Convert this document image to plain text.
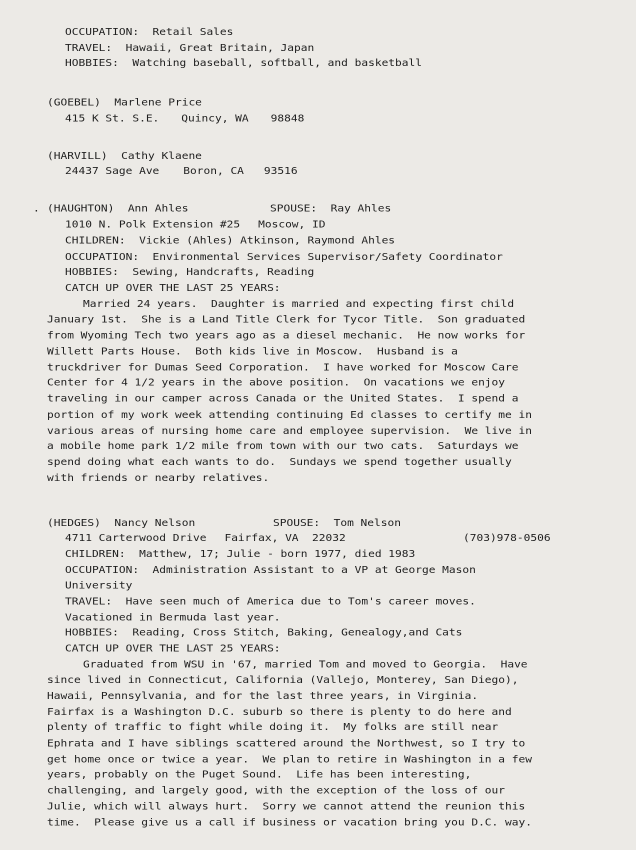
OCCUPATION:  Retail Sales
TRAVEL:  Hawaii, Great Britain, Japan
HOBBIES:  Watching baseball, softball, and basketball
(GOEBEL)  Marlene Price
415 K St. S.E. Quincy, WA 98848
(HARVILL)  Cathy Klaene
24437 Sage Ave Boron, CA 93516
. (HAUGHTON)  Ann Ahles	SPOUSE:  Ray Ahles
1010 N. Polk Extension #25 Moscow, ID
CHILDREN:  Vickie (Ahles) Atkinson, Raymond Ahles
OCCUPATION:  Environmental Services Supervisor/Safety Coordinator
HOBBIES:  Sewing, Handcrafts, Reading
CATCH UP OVER THE LAST 25 YEARS:
Married 24 years.  Daughter is married and expecting first child
January 1st.  She is a Land Title Clerk for Tycor Title.  Son graduated
from Wyoming Tech two years ago as a diesel mechanic.  He now works for
Willett Parts House.  Both kids live in Moscow.  Husband is a
truckdriver for Dumas Seed Corporation.  I have worked for Moscow Care
Center for 4 1/2 years in the above position.  On vacations we enjoy
traveling in our camper across Canada or the United States.  I spend a
portion of my work week attending continuing Ed classes to certify me in
various areas of nursing home care and employee supervision.  We live in
a mobile home park 1/2 mile from town with our two cats.  Saturdays we
spend doing what each wants to do.  Sundays we spend together usually
with friends or nearby relatives.
(HEDGES)  Nancy Nelson	SPOUSE:  Tom Nelson
4711 Carterwood Drive Fairfax, VA  22032	(703)978-0506
CHILDREN:  Matthew, 17; Julie - born 1977, died 1983
OCCUPATION:  Administration Assistant to a VP at George Mason
University
TRAVEL:  Have seen much of America due to Tom's career moves.
Vacationed in Bermuda last year.
HOBBIES:  Reading, Cross Stitch, Baking, Genealogy,and Cats
CATCH UP OVER THE LAST 25 YEARS:
Graduated from WSU in '67, married Tom and moved to Georgia.  Have
since lived in Connecticut, California (Vallejo, Monterey, San Diego),
Hawaii, Pennsylvania, and for the last three years, in Virginia.
Fairfax is a Washington D.C. suburb so there is plenty to do here and
plenty of traffic to fight while doing it.  My folks are still near
Ephrata and I have siblings scattered around the Northwest, so I try to
get home once or twice a year.  We plan to retire in Washington in a few
years, probably on the Puget Sound.  Life has been interesting,
challenging, and largely good, with the exception of the loss of our
Julie, which will always hurt.  Sorry we cannot attend the reunion this
time.  Please give us a call if business or vacation bring you D.C. way.
